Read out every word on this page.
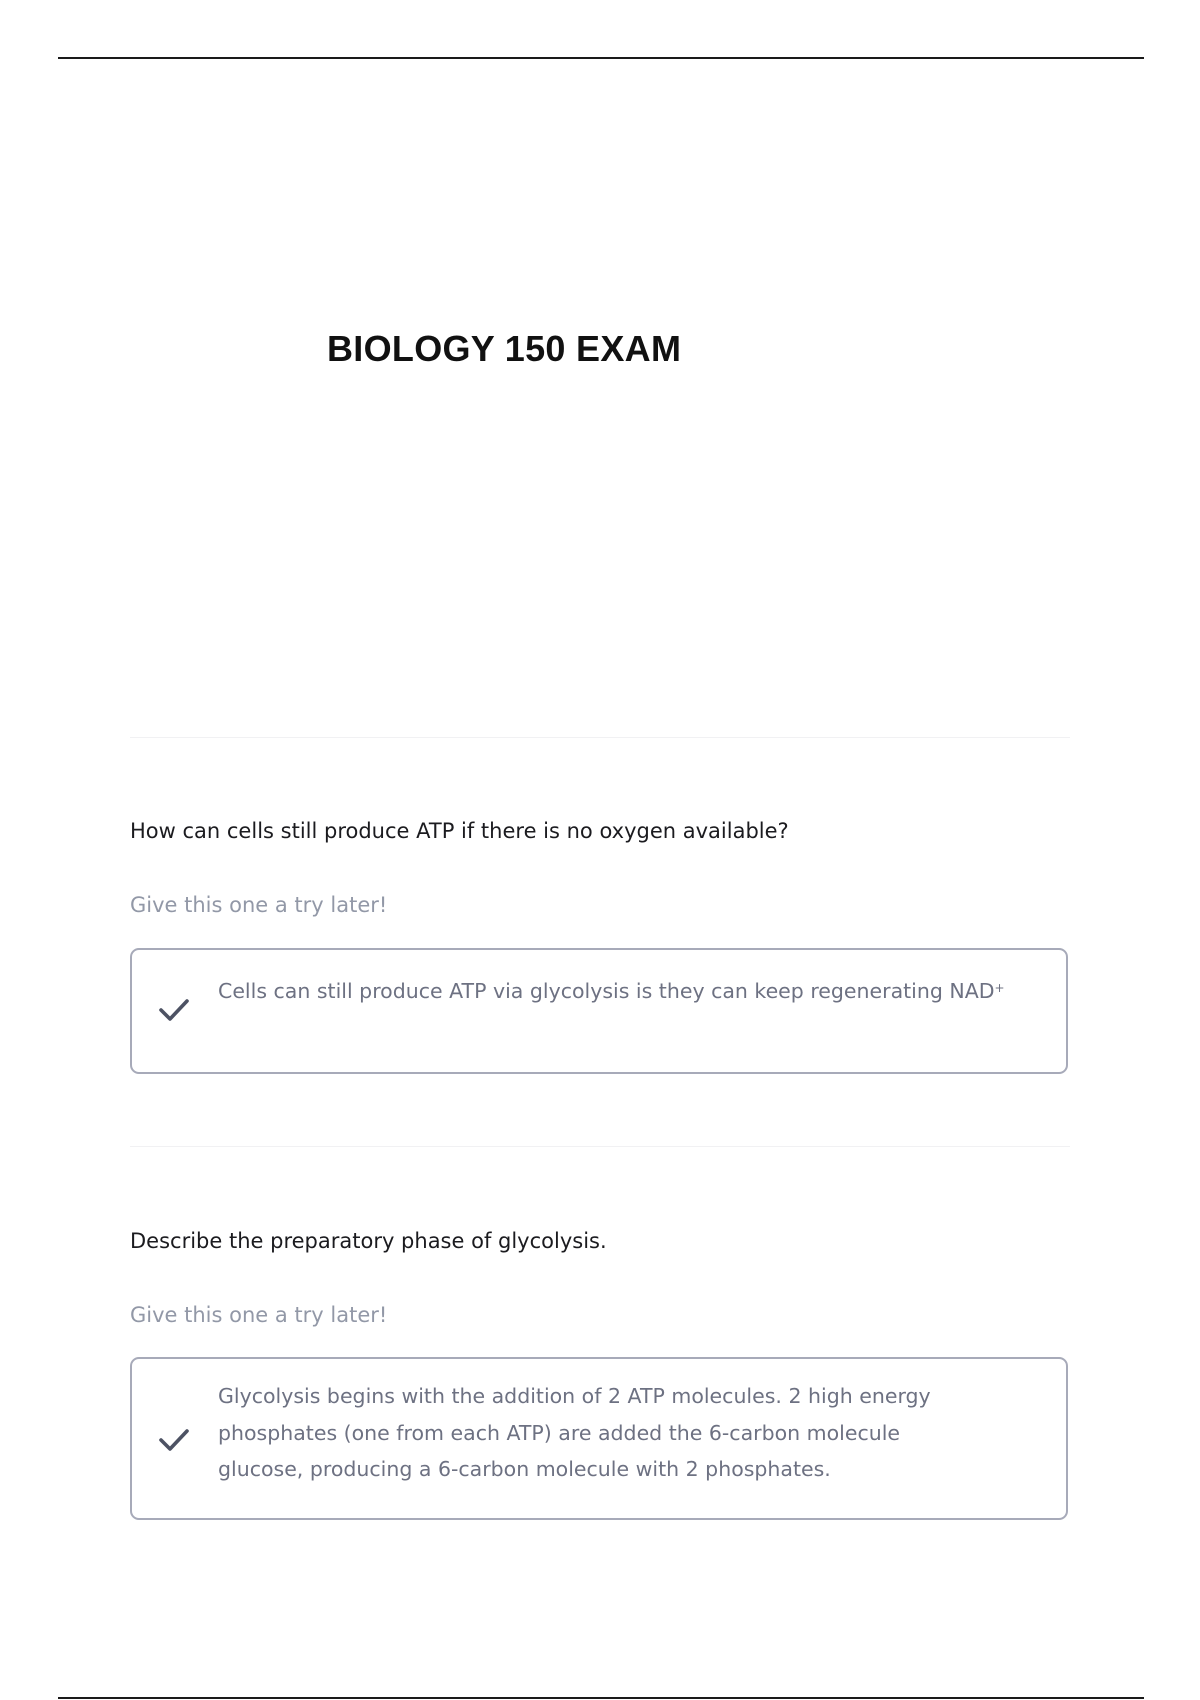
BIOLOGY 150 EXAM

How can cells still produce ATP if there is no oxygen available?

Give this one a try later!

Cells can still produce ATP via glycolysis is they can keep regenerating NAD+

Describe the preparatory phase of glycolysis.

Give this one a try later!

Glycolysis begins with the addition of 2 ATP molecules. 2 high energy
phosphates (one from each ATP) are added the 6-carbon molecule
glucose, producing a 6-carbon molecule with 2 phosphates.
